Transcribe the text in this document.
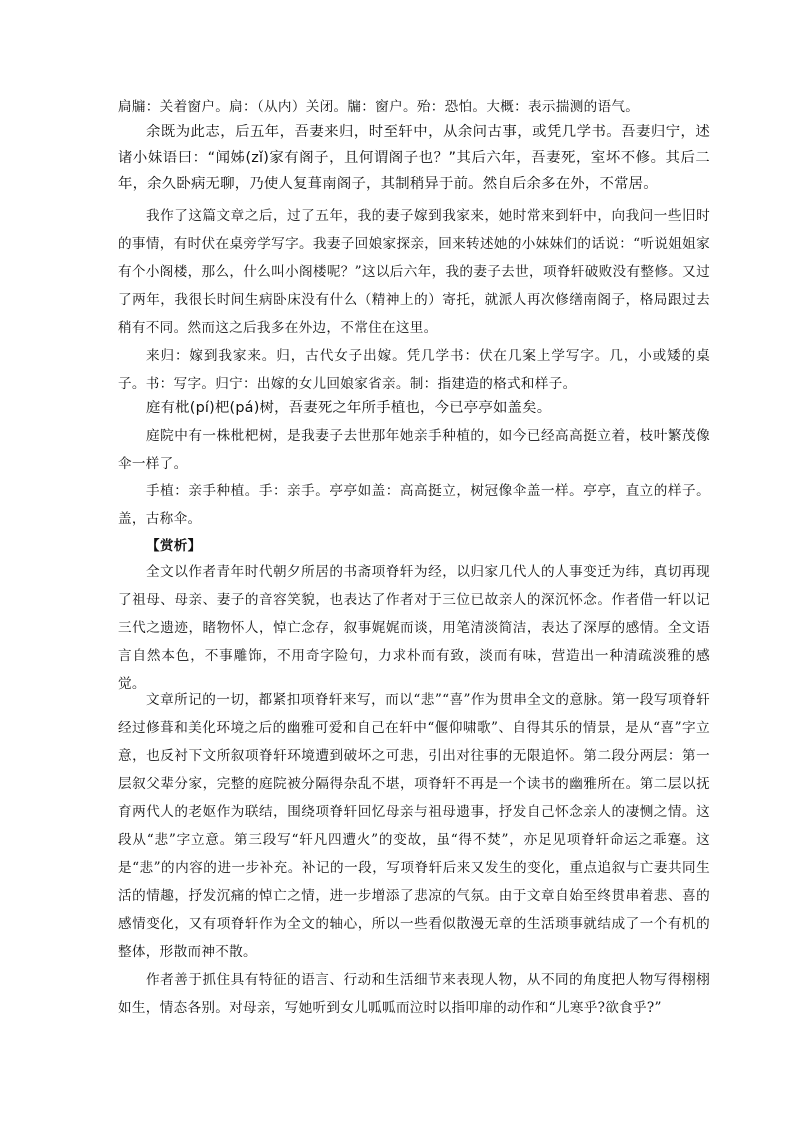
扃牖：关着窗户。扃：（从内）关闭。牖：窗户。殆：恐怕。大概：表示揣测的语气。

余既为此志，后五年，吾妻来归，时至轩中，从余问古事，或凭几学书。吾妻归宁，述诸小妹语曰：“闻姊(zǐ)家有阁子，且何谓阁子也？”其后六年，吾妻死，室坏不修。其后二年，余久卧病无聊，乃使人复葺南阁子，其制稍异于前。然自后余多在外，不常居。

我作了这篇文章之后，过了五年，我的妻子嫁到我家来，她时常来到轩中，向我问一些旧时的事情，有时伏在桌旁学写字。我妻子回娘家探亲，回来转述她的小妹妹们的话说：“听说姐姐家有个小阁楼，那么，什么叫小阁楼呢？”这以后六年，我的妻子去世，项脊轩破败没有整修。又过了两年，我很长时间生病卧床没有什么（精神上的）寄托，就派人再次修缮南阁子，格局跟过去稍有不同。然而这之后我多在外边，不常住在这里。

来归：嫁到我家来。归，古代女子出嫁。凭几学书：伏在几案上学写字。几，小或矮的桌子。书：写字。归宁：出嫁的女儿回娘家省亲。制：指建造的格式和样子。

庭有枇(pí)杷(pá)树，吾妻死之年所手植也，今已亭亭如盖矣。

庭院中有一株枇杷树，是我妻子去世那年她亲手种植的，如今已经高高挺立着，枝叶繁茂像伞一样了。

手植：亲手种植。手：亲手。亭亭如盖：高高挺立，树冠像伞盖一样。亭亭，直立的样子。盖，古称伞。

【赏析】

全文以作者青年时代朝夕所居的书斋项脊轩为经，以归家几代人的人事变迁为纬，真切再现了祖母、母亲、妻子的音容笑貌，也表达了作者对于三位已故亲人的深沉怀念。作者借一轩以记三代之遗迹，睹物怀人，悼亡念存，叙事娓娓而谈，用笔清淡简洁，表达了深厚的感情。全文语言自然本色，不事雕饰，不用奇字险句，力求朴而有致，淡而有味，营造出一种清疏淡雅的感觉。

文章所记的一切，都紧扣项脊轩来写，而以“悲”“喜”作为贯串全文的意脉。第一段写项脊轩经过修葺和美化环境之后的幽雅可爱和自己在轩中“偃仰啸歌”、自得其乐的情景，是从“喜”字立意，也反衬下文所叙项脊轩环境遭到破坏之可悲，引出对往事的无限追怀。第二段分两层：第一层叙父辈分家，完整的庭院被分隔得杂乱不堪，项脊轩不再是一个读书的幽雅所在。第二层以抚育两代人的老妪作为联结，围绕项脊轩回忆母亲与祖母遗事，抒发自己怀念亲人的凄恻之情。这段从“悲”字立意。第三段写“轩凡四遭火”的变故，虽“得不焚”，亦足见项脊轩命运之乖蹇。这是“悲”的内容的进一步补充。补记的一段，写项脊轩后来又发生的变化，重点追叙与亡妻共同生活的情趣，抒发沉痛的悼亡之情，进一步增添了悲凉的气氛。由于文章自始至终贯串着悲、喜的感情变化，又有项脊轩作为全文的轴心，所以一些看似散漫无章的生活琐事就结成了一个有机的整体，形散而神不散。

作者善于抓住具有特征的语言、行动和生活细节来表现人物，从不同的角度把人物写得栩栩如生，情态各别。对母亲，写她听到女儿呱呱而泣时以指叩扉的动作和“儿寒乎?欲食乎?”
